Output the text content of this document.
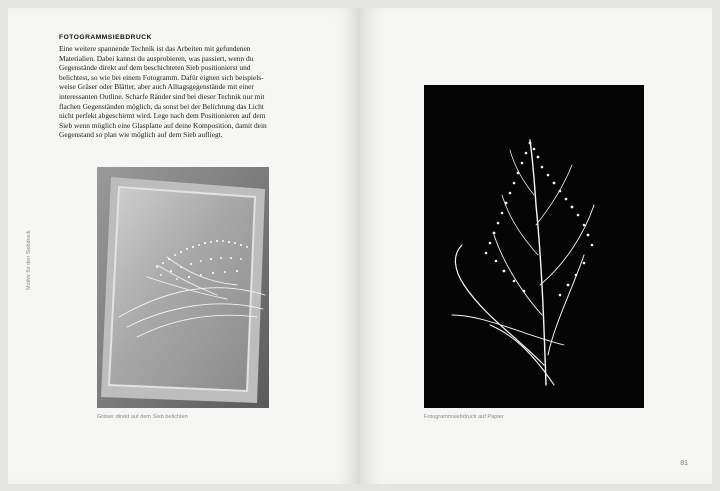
FOTOGRAMMSIEBDRUCK
Eine weitere spannende Technik ist das Arbeiten mit gefundenen
Materialien. Dabei kannst du ausprobieren, was passiert, wenn du
Gegenstände direkt auf dem beschichteten Sieb positionierst und
belichtest, so wie bei einem Fotogramm. Dafür eignen sich beispiels-
weise Gräser oder Blätter, aber auch Alltagsgegenstände mit einer
interessanten Outline. Scharfe Ränder sind bei dieser Technik nur mit
flachen Gegenständen möglich, da sonst bei der Belichtung das Licht
nicht perfekt abgeschirmt wird. Lege nach dem Positionieren auf dem
Sieb wenn möglich eine Glasplatte auf deine Komposition, damit dein
Gegenstand so plan wie möglich auf dem Sieb aufliegt.
Motive für den Siebdruck
Gräser direkt auf dem Sieb belichten	Fotogrammsiebdruck auf Papier
81
